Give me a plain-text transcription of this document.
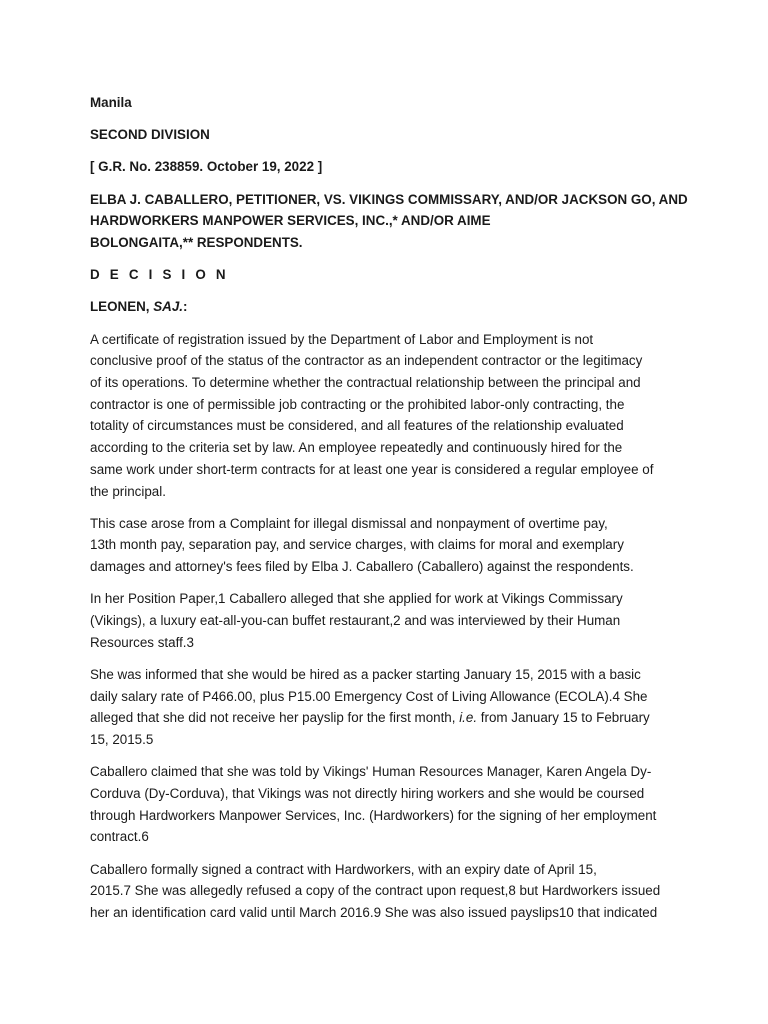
Manila
SECOND DIVISION
[ G.R. No. 238859. October 19, 2022 ]
ELBA J. CABALLERO, PETITIONER, VS. VIKINGS COMMISSARY, AND/OR JACKSON GO, AND
HARDWORKERS MANPOWER SERVICES, INC.,* AND/OR AIME
BOLONGAITA,** RESPONDENTS.
D E C I S I O N
LEONEN, SAJ.:
A certificate of registration issued by the Department of Labor and Employment is not
conclusive proof of the status of the contractor as an independent contractor or the legitimacy
of its operations. To determine whether the contractual relationship between the principal and
contractor is one of permissible job contracting or the prohibited labor-only contracting, the
totality of circumstances must be considered, and all features of the relationship evaluated
according to the criteria set by law. An employee repeatedly and continuously hired for the
same work under short-term contracts for at least one year is considered a regular employee of
the principal.
This case arose from a Complaint for illegal dismissal and nonpayment of overtime pay,
13th month pay, separation pay, and service charges, with claims for moral and exemplary
damages and attorney's fees filed by Elba J. Caballero (Caballero) against the respondents.
In her Position Paper,1 Caballero alleged that she applied for work at Vikings Commissary
(Vikings), a luxury eat-all-you-can buffet restaurant,2 and was interviewed by their Human
Resources staff.3
She was informed that she would be hired as a packer starting January 15, 2015 with a basic
daily salary rate of P466.00, plus P15.00 Emergency Cost of Living Allowance (ECOLA).4 She
alleged that she did not receive her payslip for the first month, i.e. from January 15 to February
15, 2015.5
Caballero claimed that she was told by Vikings' Human Resources Manager, Karen Angela Dy-
Corduva (Dy-Corduva), that Vikings was not directly hiring workers and she would be coursed
through Hardworkers Manpower Services, Inc. (Hardworkers) for the signing of her employment
contract.6
Caballero formally signed a contract with Hardworkers, with an expiry date of April 15,
2015.7 She was allegedly refused a copy of the contract upon request,8 but Hardworkers issued
her an identification card valid until March 2016.9 She was also issued payslips10 that indicated
